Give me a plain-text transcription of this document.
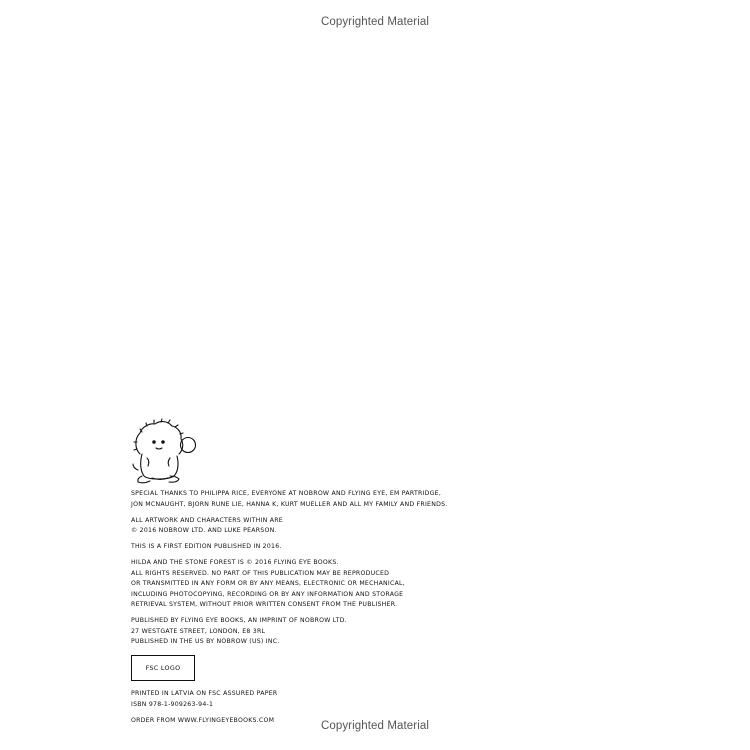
Copyrighted Material
SPECIAL THANKS TO PHILIPPA RICE, EVERYONE AT NOBROW AND FLYING EYE, EM PARTRIDGE,
JON MCNAUGHT, BJORN RUNE LIE, HANNA K, KURT MUELLER AND ALL MY FAMILY AND FRIENDS.
ALL ARTWORK AND CHARACTERS WITHIN ARE
© 2016 NOBROW LTD. AND LUKE PEARSON.
THIS IS A FIRST EDITION PUBLISHED IN 2016.
HILDA AND THE STONE FOREST IS © 2016 FLYING EYE BOOKS.
ALL RIGHTS RESERVED. NO PART OF THIS PUBLICATION MAY BE REPRODUCED
OR TRANSMITTED IN ANY FORM OR BY ANY MEANS, ELECTRONIC OR MECHANICAL,
INCLUDING PHOTOCOPYING, RECORDING OR BY ANY INFORMATION AND STORAGE
RETRIEVAL SYSTEM, WITHOUT PRIOR WRITTEN CONSENT FROM THE PUBLISHER.
PUBLISHED BY FLYING EYE BOOKS, AN IMPRINT OF NOBROW LTD.
27 WESTGATE STREET, LONDON, E8 3RL
PUBLISHED IN THE US BY NOBROW (US) INC.
FSC LOGO
PRINTED IN LATVIA ON FSC ASSURED PAPER
ISBN 978-1-909263-94-1
ORDER FROM WWW.FLYINGEYEBOOKS.COM	Copyrighted Material
